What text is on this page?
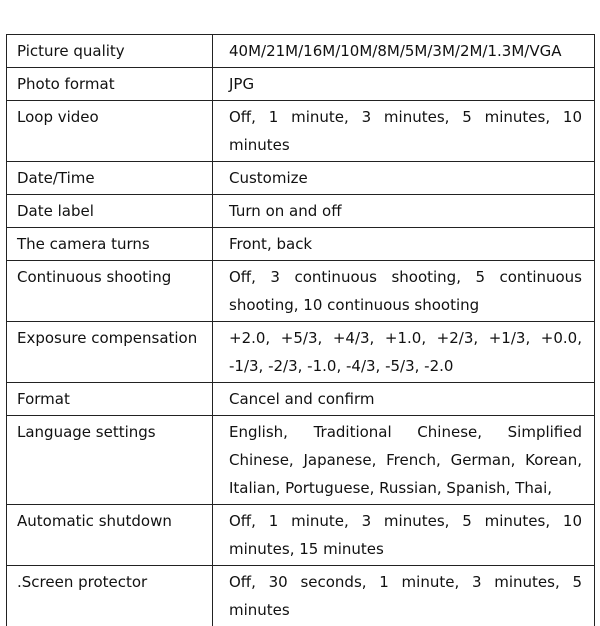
Picture quality	40M/21M/16M/10M/8M/5M/3M/2M/1.3M/VGA
Photo format	JPG
Loop video	Off, 1 minute, 3 minutes, 5 minutes, 10 minutes
Date/Time	Customize
Date label	Turn on and off
The camera turns	Front, back
Continuous shooting	Off, 3 continuous shooting, 5 continuous shooting, 10 continuous shooting
Exposure compensation	+2.0, +5/3, +4/3, +1.0, +2/3, +1/3, +0.0, -1/3, -2/3, -1.0, -4/3, -5/3, -2.0
Format	Cancel and confirm
Language settings	English, Traditional Chinese, Simplified Chinese, Japanese, French, German, Korean, Italian, Portuguese, Russian, Spanish, Thai,
Automatic shutdown	Off, 1 minute, 3 minutes, 5 minutes, 10 minutes, 15 minutes
.Screen protector	Off, 30 seconds, 1 minute, 3 minutes, 5 minutes
